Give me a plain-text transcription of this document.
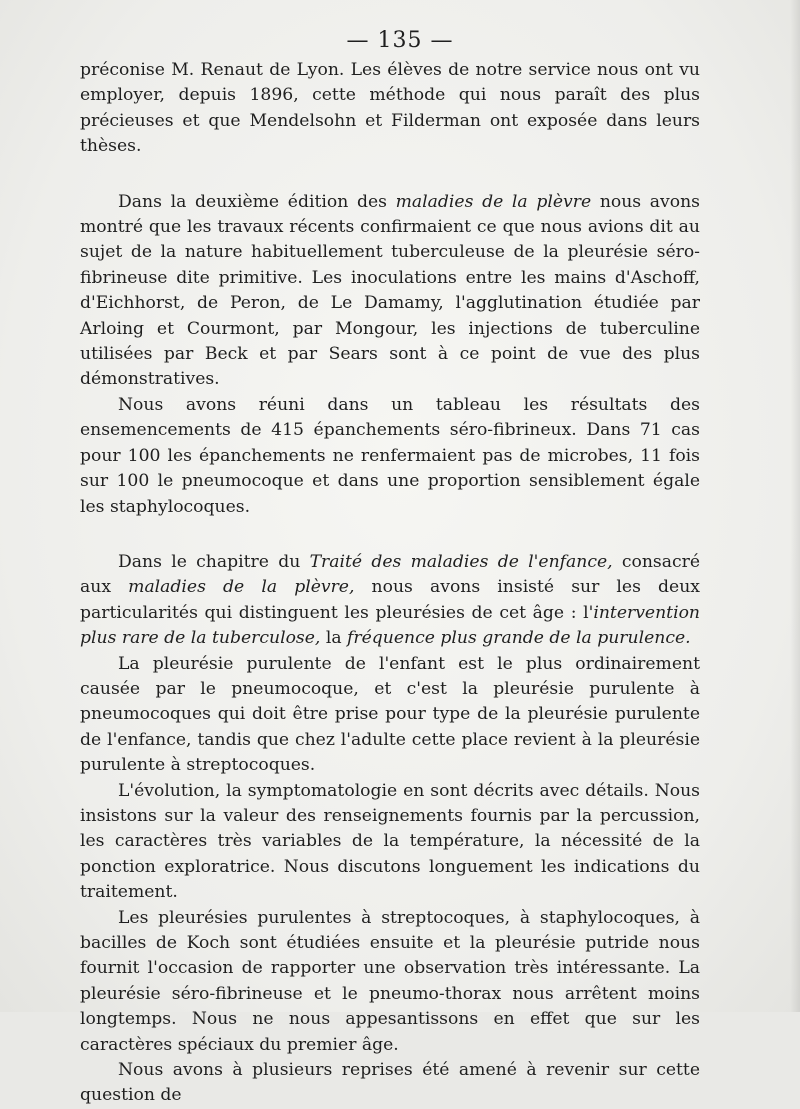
— 135 —

préconise M. Renaut de Lyon. Les élèves de notre service nous ont vu employer, depuis 1896, cette méthode qui nous paraît des plus précieuses et que Mendelsohn et Filderman ont exposée dans leurs thèses.

Dans la deuxième édition des maladies de la plèvre nous avons montré que les travaux récents confirmaient ce que nous avions dit au sujet de la nature habituellement tuberculeuse de la pleurésie séro-fibrineuse dite primitive. Les inoculations entre les mains d'Aschoff, d'Eichhorst, de Peron, de Le Damamy, l'agglutination étudiée par Arloing et Courmont, par Mongour, les injections de tuberculine utilisées par Beck et par Sears sont à ce point de vue des plus démonstratives.

Nous avons réuni dans un tableau les résultats des ensemencements de 415 épanchements séro-fibrineux. Dans 71 cas pour 100 les épanchements ne renfermaient pas de microbes, 11 fois sur 100 le pneumocoque et dans une proportion sensiblement égale les staphylocoques.

Dans le chapitre du Traité des maladies de l'enfance, consacré aux maladies de la plèvre, nous avons insisté sur les deux particularités qui distinguent les pleurésies de cet âge : l'intervention plus rare de la tuberculose, la fréquence plus grande de la purulence.

La pleurésie purulente de l'enfant est le plus ordinairement causée par le pneumocoque, et c'est la pleurésie purulente à pneumocoques qui doit être prise pour type de la pleurésie purulente de l'enfance, tandis que chez l'adulte cette place revient à la pleurésie purulente à streptocoques.

L'évolution, la symptomatologie en sont décrits avec détails. Nous insistons sur la valeur des renseignements fournis par la percussion, les caractères très variables de la température, la nécessité de la ponction exploratrice. Nous discutons longuement les indications du traitement.

Les pleurésies purulentes à streptocoques, à staphylocoques, à bacilles de Koch sont étudiées ensuite et la pleurésie putride nous fournit l'occasion de rapporter une observation très intéressante. La pleurésie séro-fibrineuse et le pneumo-thorax nous arrêtent moins longtemps. Nous ne nous appesantissons en effet que sur les caractères spéciaux du premier âge.

Nous avons à plusieurs reprises été amené à revenir sur cette question de
